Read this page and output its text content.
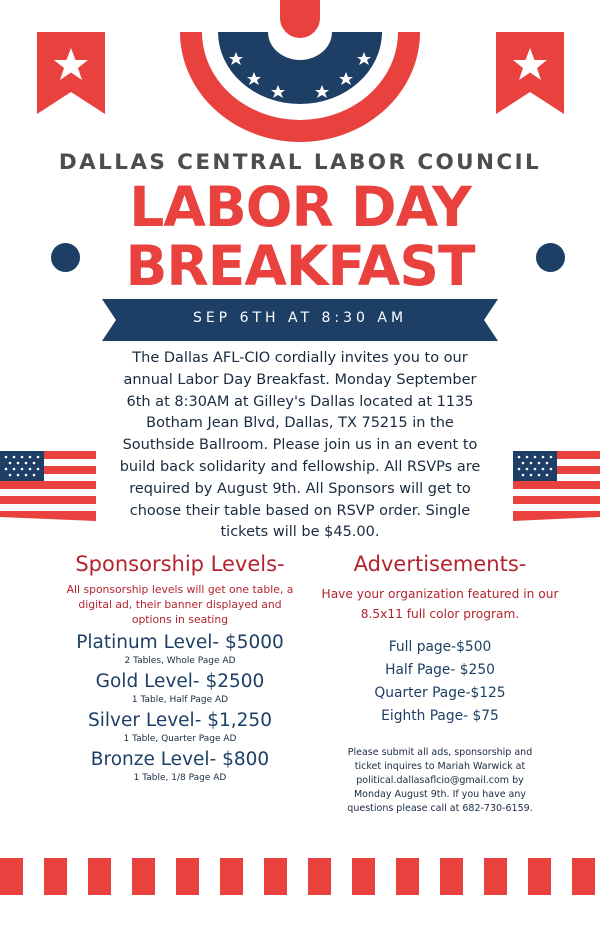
DALLAS CENTRAL LABOR COUNCIL
LABOR DAY
BREAKFAST
SEP 6TH AT 8:30 AM
The Dallas AFL-CIO cordially invites you to our
annual Labor Day Breakfast. Monday September
6th at 8:30AM at Gilley's Dallas located at 1135
Botham Jean Blvd, Dallas, TX 75215 in the
Southside Ballroom. Please join us in an event to
build back solidarity and fellowship. All RSVPs are
required by August 9th. All Sponsors will get to
choose their table based on RSVP order. Single
tickets will be $45.00.
Sponsorship Levels-
All sponsorship levels will get one table, a
digital ad, their banner displayed and
options in seating
Platinum Level- $5000
2 Tables, Whole Page AD
Gold Level- $2500
1 Table, Half Page AD
Silver Level- $1,250
1 Table, Quarter Page AD
Bronze Level- $800
1 Table, 1/8 Page AD
Advertisements-
Have your organization featured in our
8.5x11 full color program.
Full page-$500
Half Page- $250
Quarter Page-$125
Eighth Page- $75
Please submit all ads, sponsorship and
ticket inquires to Mariah Warwick at
political.dallasaflcio@gmail.com by
Monday August 9th. If you have any
questions please call at 682-730-6159.
